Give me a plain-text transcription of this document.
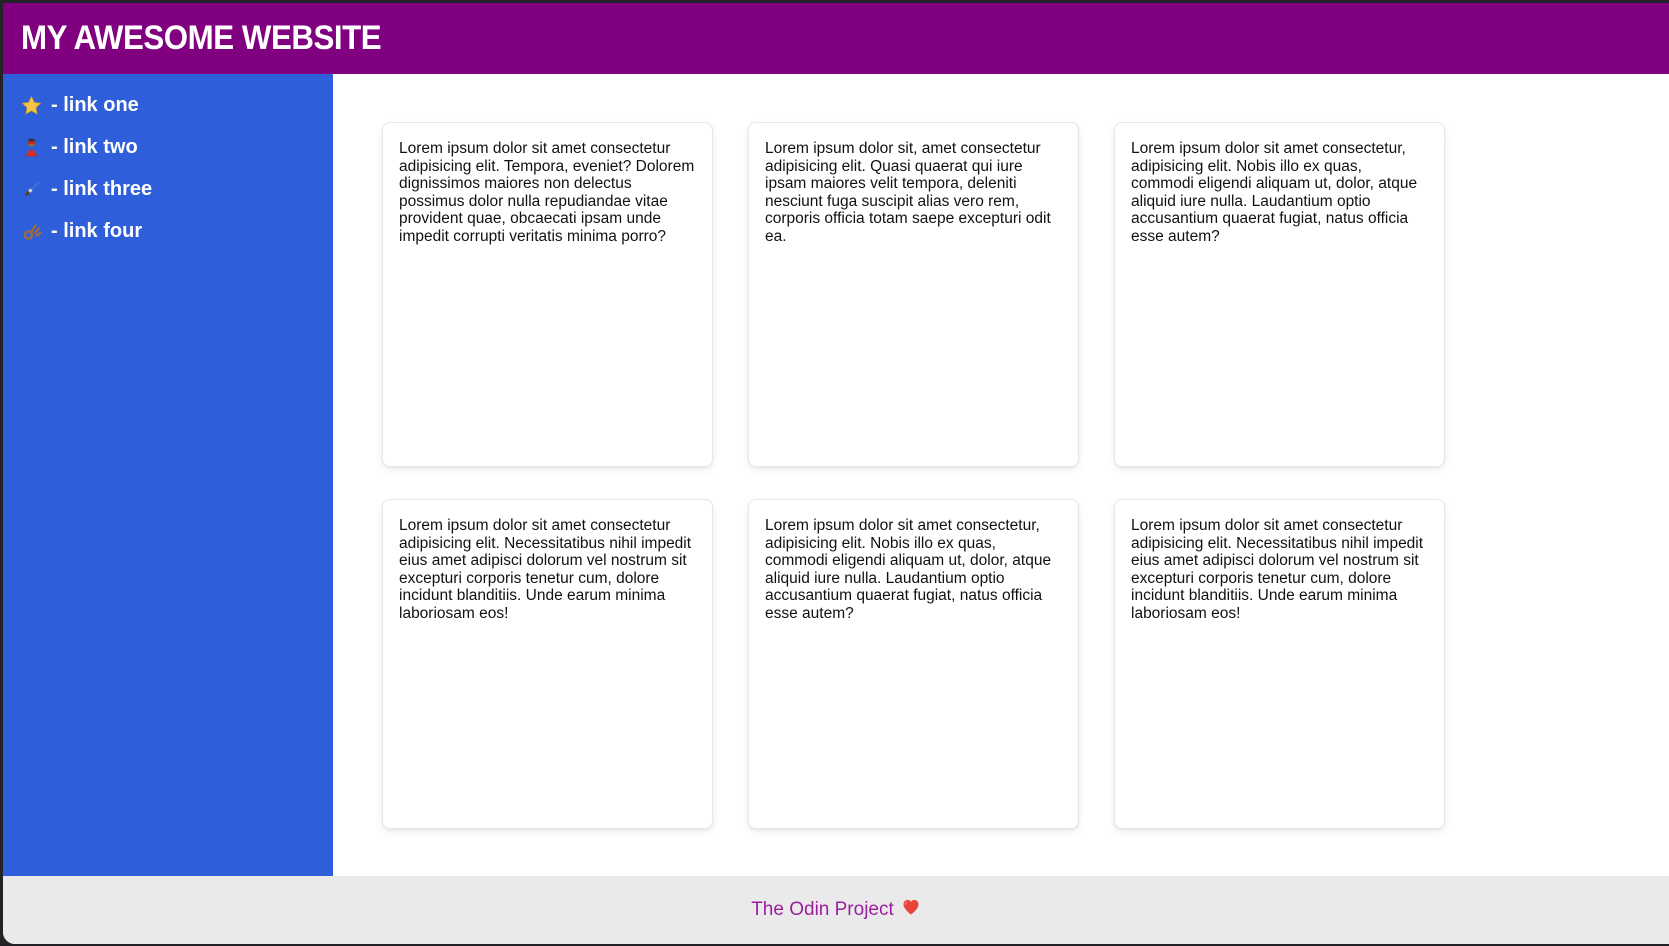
MY AWESOME WEBSITE
- link one
- link two
- link three
- link four

Lorem ipsum dolor sit amet consectetur adipisicing elit. Tempora, eveniet? Dolorem dignissimos maiores non delectus possimus dolor nulla repudiandae vitae provident quae, obcaecati ipsam unde impedit corrupti veritatis minima porro?

Lorem ipsum dolor sit, amet consectetur adipisicing elit. Quasi quaerat qui iure ipsam maiores velit tempora, deleniti nesciunt fuga suscipit alias vero rem, corporis officia totam saepe excepturi odit ea.

Lorem ipsum dolor sit amet consectetur, adipisicing elit. Nobis illo ex quas, commodi eligendi aliquam ut, dolor, atque aliquid iure nulla. Laudantium optio accusantium quaerat fugiat, natus officia esse autem?

Lorem ipsum dolor sit amet consectetur adipisicing elit. Necessitatibus nihil impedit eius amet adipisci dolorum vel nostrum sit excepturi corporis tenetur cum, dolore incidunt blanditiis. Unde earum minima laboriosam eos!

Lorem ipsum dolor sit amet consectetur, adipisicing elit. Nobis illo ex quas, commodi eligendi aliquam ut, dolor, atque aliquid iure nulla. Laudantium optio accusantium quaerat fugiat, natus officia esse autem?

Lorem ipsum dolor sit amet consectetur adipisicing elit. Necessitatibus nihil impedit eius amet adipisci dolorum vel nostrum sit excepturi corporis tenetur cum, dolore incidunt blanditiis. Unde earum minima laboriosam eos!

The Odin Project
